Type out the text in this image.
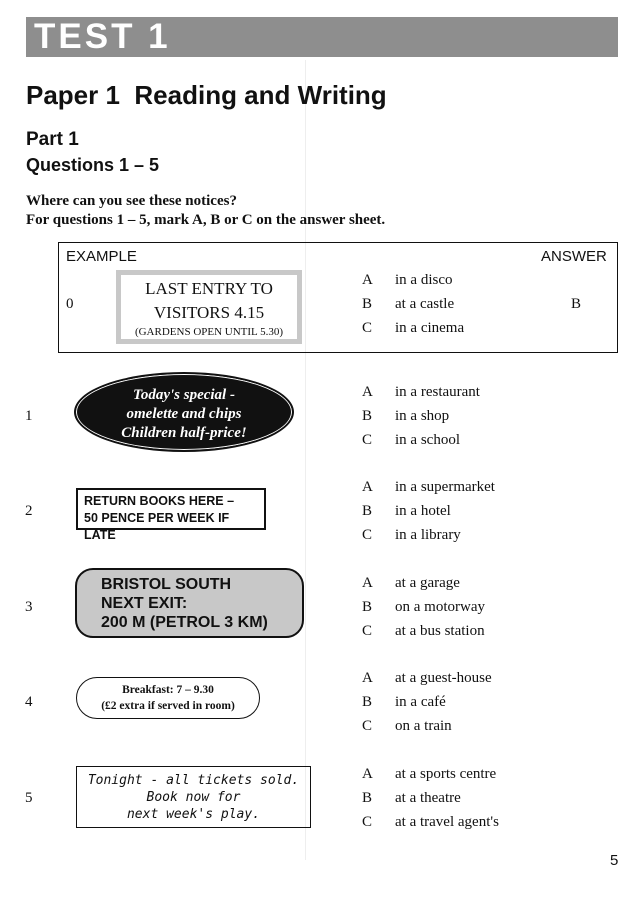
TEST 1
Paper 1  Reading and Writing
Part 1
Questions 1 – 5
Where can you see these notices?
For questions 1 – 5, mark A, B or C on the answer sheet.
EXAMPLE	ANSWER
0
LAST ENTRY TO
VISITORS 4.15
(GARDENS OPEN UNTIL 5.30)
A in a disco
B at a castle
C in a cinema
B
1
Today's special -
omelette and chips
Children half-price!
A in a restaurant
B in a shop
C in a school
2
RETURN BOOKS HERE –
50 PENCE PER WEEK IF LATE
A in a supermarket
B in a hotel
C in a library
3
BRISTOL SOUTH
NEXT EXIT:
200 M (PETROL 3 KM)
A at a garage
B on a motorway
C at a bus station
4
Breakfast: 7 – 9.30
(£2 extra if served in room)
A at a guest-house
B in a café
C on a train
5
Tonight - all tickets sold.
Book now for
next week's play.
A at a sports centre
B at a theatre
C at a travel agent's
5
